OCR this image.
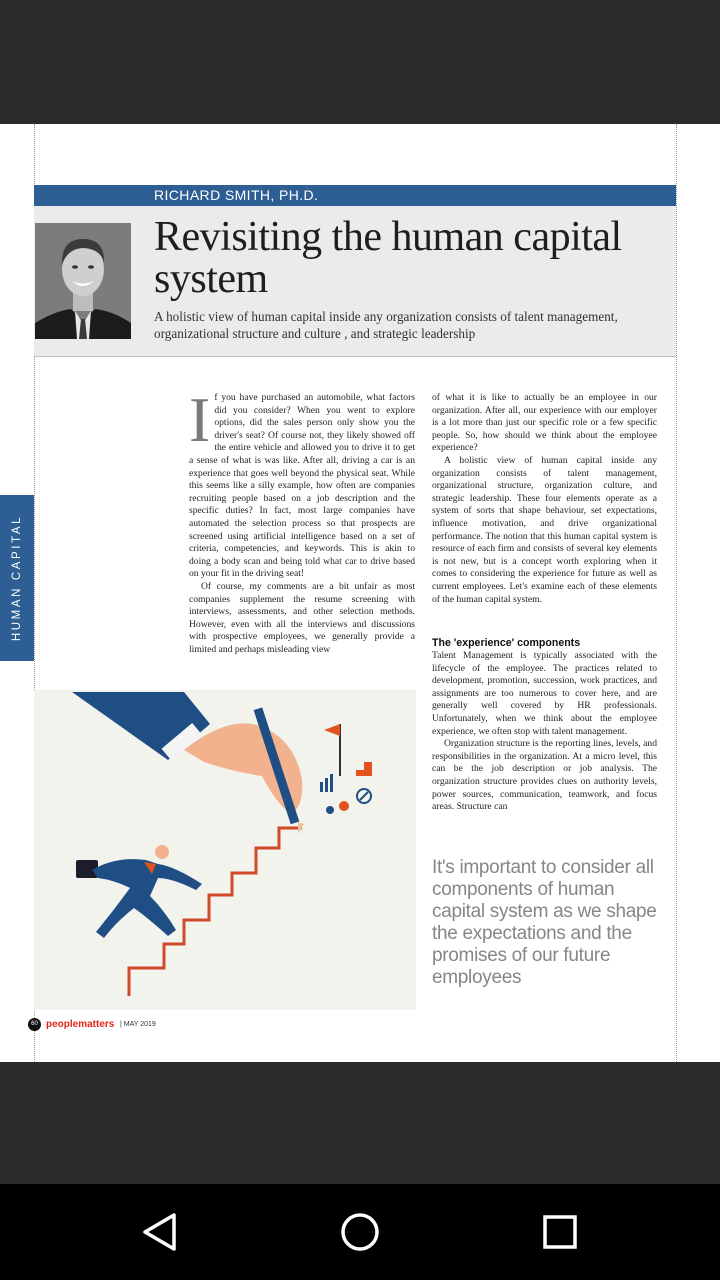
RICHARD SMITH, PH.D.
Revisiting the human capital system
A holistic view of human capital inside any organization consists of talent management, organizational structure and culture , and strategic leadership
HUMAN CAPITAL
I f you have purchased an automobile, what factors did you consider? When you went to explore options, did the sales person only show you the driver's seat? Of course not, they likely showed off the entire vehicle and allowed you to drive it to get a sense of what is was like. After all, driving a car is an experience that goes well beyond the physical seat. While this seems like a silly example, how often are companies recruiting people based on a job description and the specific duties? In fact, most large companies have automated the selection process so that prospects are screened using artificial intelligence based on a set of criteria, competencies, and keywords. This is akin to doing a body scan and being told what car to drive based on your fit in the driving seat!

Of course, my comments are a bit unfair as most companies supplement the resume screening with interviews, assessments, and other selection methods. However, even with all the interviews and discussions with prospective employees, we generally provide a limited and perhaps misleading view

of what it is like to actually be an employee in our organization. After all, our experience with our employer is a lot more than just our specific role or a few specific people. So, how should we think about the employee experience?

A holistic view of human capital inside any organization consists of talent management, organizational structure, organization culture, and strategic leadership. These four elements operate as a system of sorts that shape behaviour, set expectations, influence motivation, and drive organizational performance. The notion that this human capital system is resource of each firm and consists of several key elements is not new, but is a concept worth exploring when it comes to considering the experience for future as well as current employees. Let's examine each of these elements of the human capital system.

The 'experience' components

Talent Management is typically associated with the lifecycle of the employee. The practices related to development, promotion, succession, work practices, and assignments are too numerous to cover here, and are generally well covered by HR professionals. Unfortunately, when we think about the employee experience, we often stop with talent management.

Organization structure is the reporting lines, levels, and responsibilities in the organization. At a micro level, this can be the job description or job analysis. The organization structure provides clues on authority levels, power sources, communication, teamwork, and focus areas. Structure can

It's important to consider all components of human capital system as we shape the expectations and the promises of our future employees
60 peoplematters | MAY 2019
